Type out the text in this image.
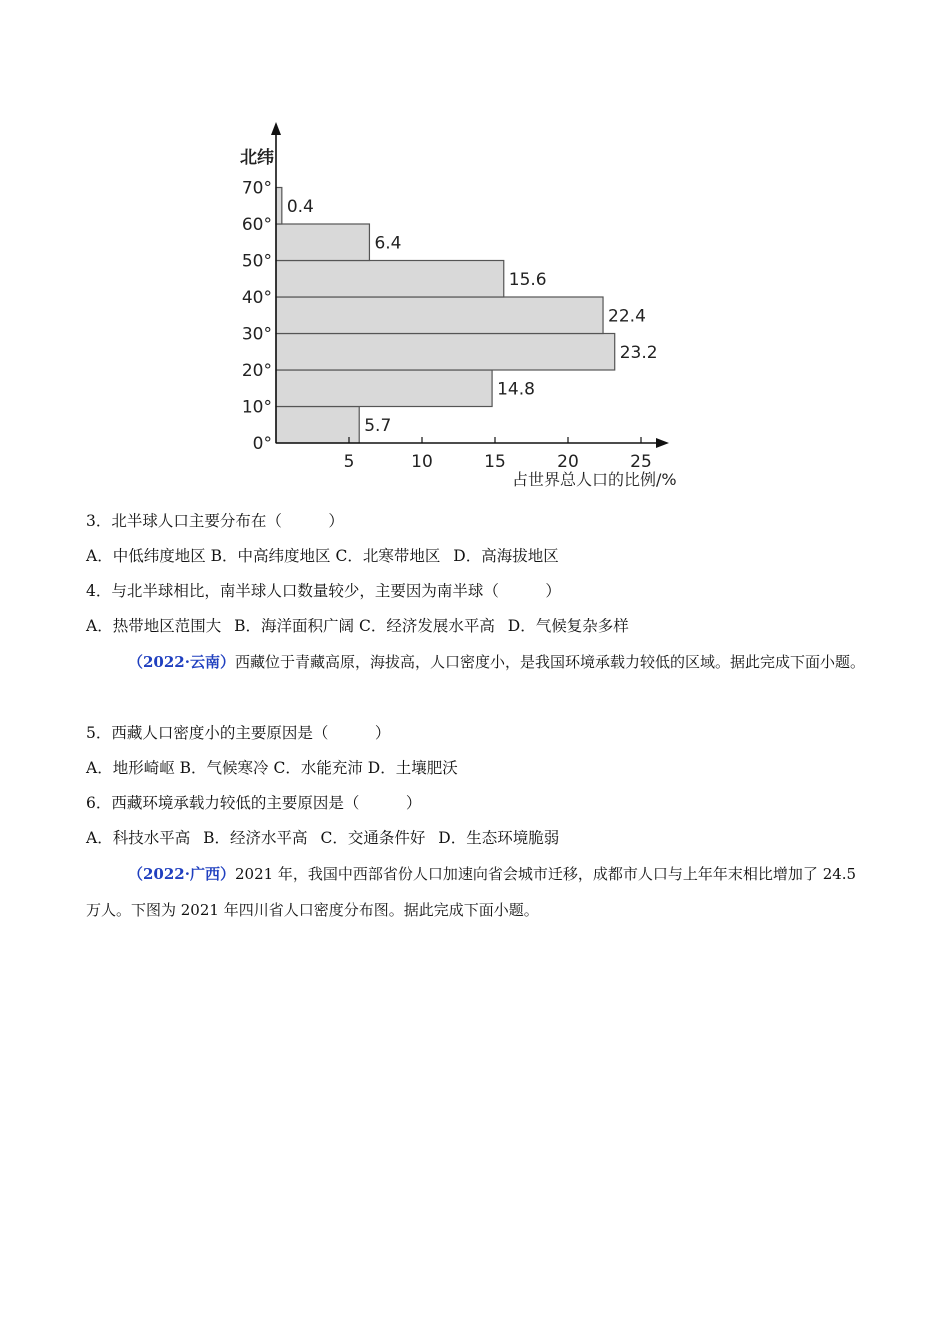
5.7
14.8
23.2
22.4
15.6
6.4
0.4
0°
10°
20°
30°
40°
50°
60°
70°
5	10	15	20	25
北纬
占世界总人口的比例/%
3．北半球人口主要分布在（　　　）
A．中低纬度地区 B．中高纬度地区 C．北寒带地区 D．高海拔地区
4．与北半球相比，南半球人口数量较少，主要因为南半球（　　　）
A．热带地区范围大 B．海洋面积广阔 C．经济发展水平高 D．气候复杂多样
（2022·云南）西藏位于青藏高原，海拔高，人口密度小，是我国环境承载力较低的区域。据此完成下面小题。
5．西藏人口密度小的主要原因是（　　　）
A．地形崎岖 B．气候寒冷 C．水能充沛 D．土壤肥沃
6．西藏环境承载力较低的主要原因是（　　　）
A．科技水平高 B．经济水平高 C．交通条件好 D．生态环境脆弱
（2022·广西）2021 年，我国中西部省份人口加速向省会城市迁移，成都市人口与上年年末相比增加了 24.5 万人。下图为 2021 年四川省人口密度分布图。据此完成下面小题。
